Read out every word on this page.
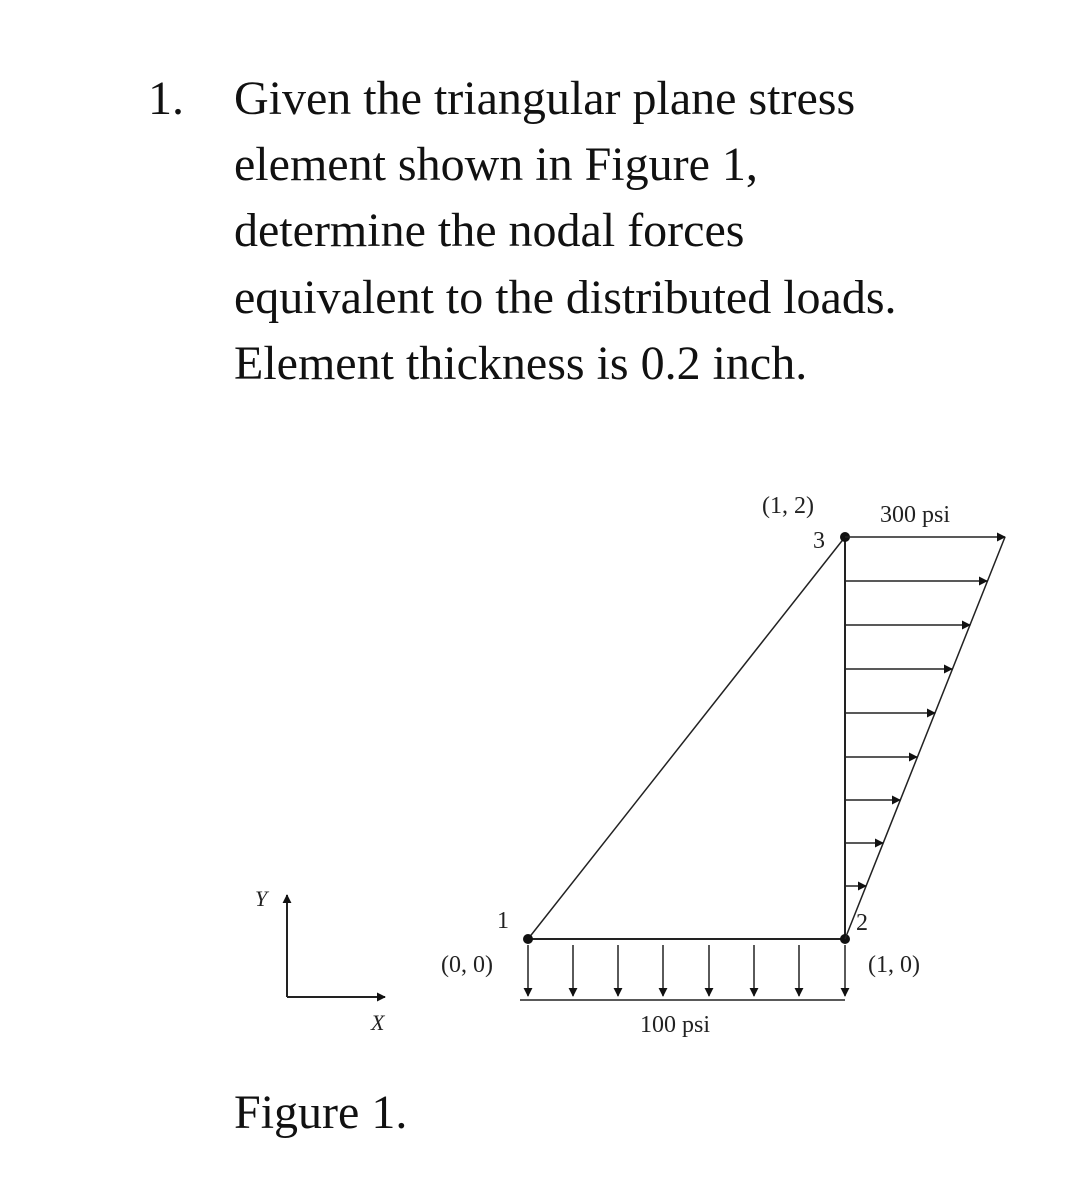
1. Given the triangular plane stress
element shown in Figure 1,
determine the nodal forces
equivalent to the distributed loads.
Element thickness is 0.2 inch.
Y
X
300 psi
100 psi
1
(0, 0)
2
(1, 0)
3
(1, 2)
Figure 1.
